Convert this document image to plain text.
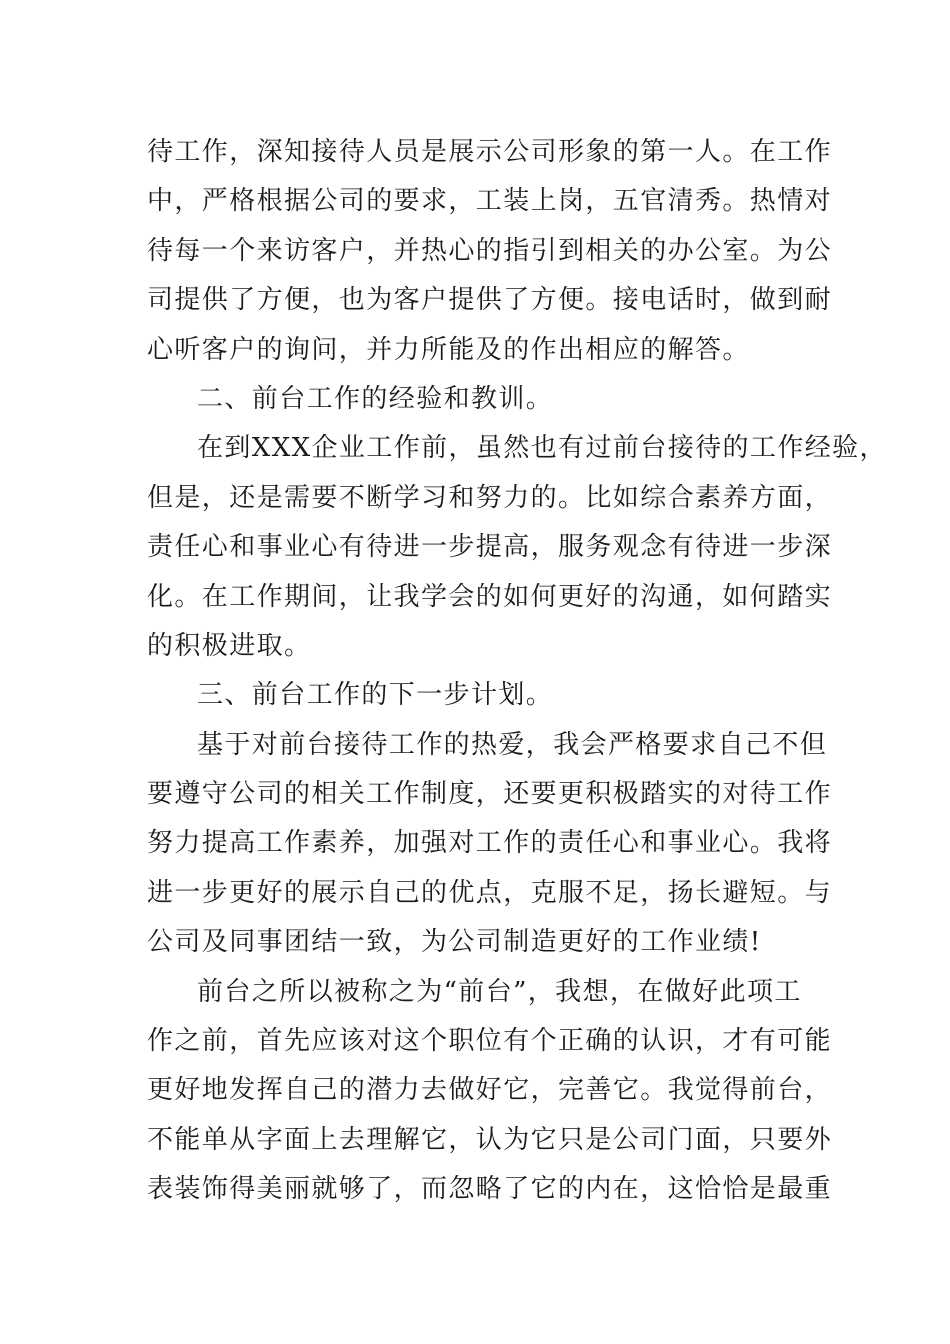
待工作，深知接待人员是展示公司形象的第一人。在工作
中，严格根据公司的要求，工装上岗，五官清秀。热情对
待每一个来访客户，并热心的指引到相关的办公室。为公
司提供了方便，也为客户提供了方便。接电话时，做到耐
心听客户的询问，并力所能及的作出相应的解答。
二、前台工作的经验和教训。
在到XXX企业工作前，虽然也有过前台接待的工作经验，
但是，还是需要不断学习和努力的。比如综合素养方面，
责任心和事业心有待进一步提高，服务观念有待进一步深
化。在工作期间，让我学会的如何更好的沟通，如何踏实
的积极进取。
三、前台工作的下一步计划。
基于对前台接待工作的热爱，我会严格要求自己不但
要遵守公司的相关工作制度，还要更积极踏实的对待工作
努力提高工作素养，加强对工作的责任心和事业心。我将
进一步更好的展示自己的优点，克服不足，扬长避短。与
公司及同事团结一致，为公司制造更好的工作业绩!
前台之所以被称之为“前台”，我想，在做好此项工
作之前，首先应该对这个职位有个正确的认识，才有可能
更好地发挥自己的潜力去做好它，完善它。我觉得前台，
不能单从字面上去理解它，认为它只是公司门面，只要外
表装饰得美丽就够了，而忽略了它的内在，这恰恰是最重
